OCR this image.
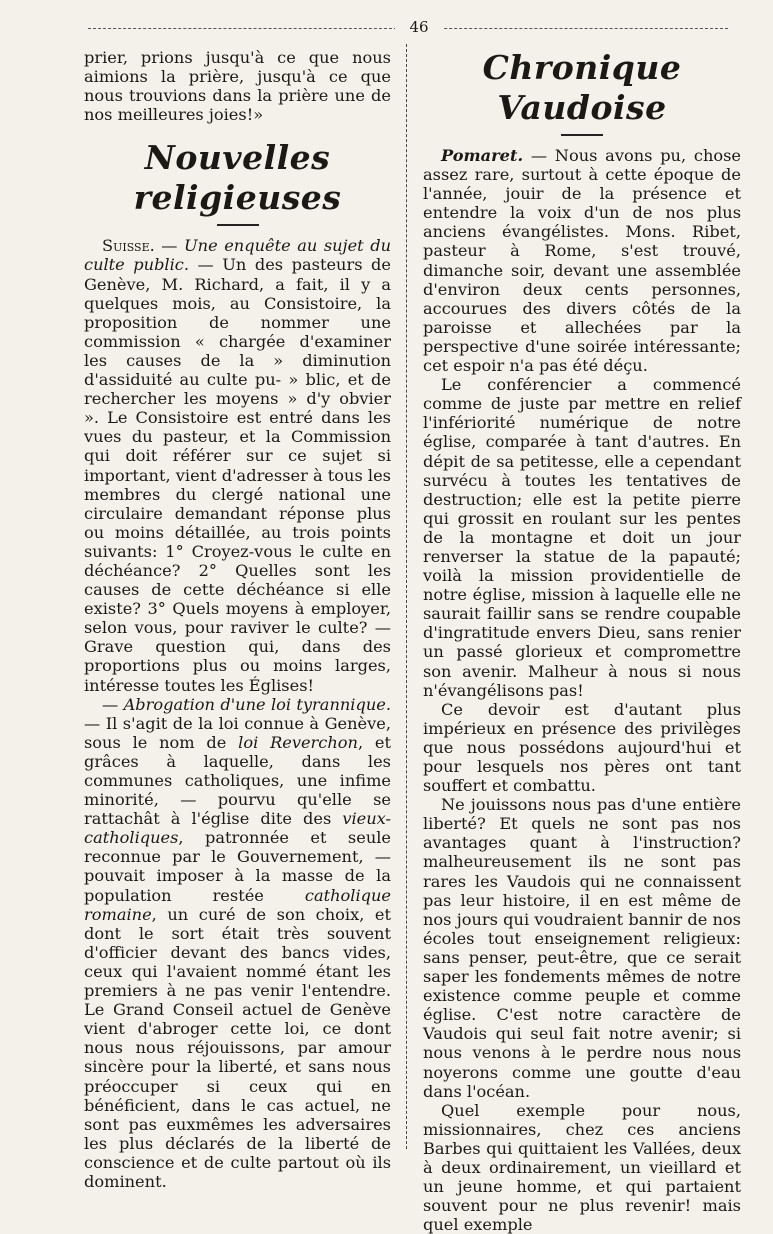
46

prier, prions jusqu'à ce que nous aimions la prière, jusqu'à ce que nous trouvions dans la prière une de nos meilleures joies!»

Nouvelles religieuses

Suisse. — Une enquête au sujet du culte public. — Un des pasteurs de Genève, M. Richard, a fait, il y a quelques mois, au Consistoire, la proposition de nommer une commission « chargée d'examiner les causes de la » diminution d'assiduité au culte pu- » blic, et de rechercher les moyens » d'y obvier ». Le Consistoire est entré dans les vues du pasteur, et la Commission qui doit référer sur ce sujet si important, vient d'adresser à tous les membres du clergé national une circulaire demandant réponse plus ou moins détaillée, au trois points suivants: 1° Croyez-vous le culte en déchéance? 2° Quelles sont les causes de cette déchéance si elle existe? 3° Quels moyens à employer, selon vous, pour raviver le culte? — Grave question qui, dans des proportions plus ou moins larges, intéresse toutes les Églises!

— Abrogation d'une loi tyrannique. — Il s'agit de la loi connue à Genève, sous le nom de loi Reverchon, et grâces à laquelle, dans les communes catholiques, une infime minorité, — pourvu qu'elle se rattachât à l'église dite des vieux-catholiques, patronnée et seule reconnue par le Gouvernement, — pouvait imposer à la masse de la population restée catholique romaine, un curé de son choix, et dont le sort était très souvent d'officier devant des bancs vides, ceux qui l'avaient nommé étant les premiers à ne pas venir l'entendre. Le Grand Conseil actuel de Genève vient d'abroger cette loi, ce dont nous nous réjouissons, par amour sincère pour la liberté, et sans nous préoccuper si ceux qui en bénéficient, dans le cas actuel, ne sont pas euxmêmes les adversaires les plus déclarés de la liberté de conscience et de culte partout où ils dominent.

Chronique Vaudoise

Pomaret. — Nous avons pu, chose assez rare, surtout à cette époque de l'année, jouir de la présence et entendre la voix d'un de nos plus anciens évangélistes. Mons. Ribet, pasteur à Rome, s'est trouvé, dimanche soir, devant une assemblée d'environ deux cents personnes, accourues des divers côtés de la paroisse et allechées par la perspective d'une soirée intéressante; cet espoir n'a pas été déçu.

Le conférencier a commencé comme de juste par mettre en relief l'infériorité numérique de notre église, comparée à tant d'autres. En dépit de sa petitesse, elle a cependant survécu à toutes les tentatives de destruction; elle est la petite pierre qui grossit en roulant sur les pentes de la montagne et doit un jour renverser la statue de la papauté; voilà la mission providentielle de notre église, mission à laquelle elle ne saurait faillir sans se rendre coupable d'ingratitude envers Dieu, sans renier un passé glorieux et compromettre son avenir. Malheur à nous si nous n'évangélisons pas!

Ce devoir est d'autant plus impérieux en présence des privilèges que nous possédons aujourd'hui et pour lesquels nos pères ont tant souffert et combattu.

Ne jouissons nous pas d'une entière liberté? Et quels ne sont pas nos avantages quant à l'instruction? malheureusement ils ne sont pas rares les Vaudois qui ne connaissent pas leur histoire, il en est même de nos jours qui voudraient bannir de nos écoles tout enseignement religieux: sans penser, peut-être, que ce serait saper les fondements mêmes de notre existence comme peuple et comme église. C'est notre caractère de Vaudois qui seul fait notre avenir; si nous venons à le perdre nous nous noyerons comme une goutte d'eau dans l'océan.

Quel exemple pour nous, missionnaires, chez ces anciens Barbes qui quittaient les Vallées, deux à deux ordinairement, un vieillard et un jeune homme, et qui partaient souvent pour ne plus revenir! mais quel exemple
